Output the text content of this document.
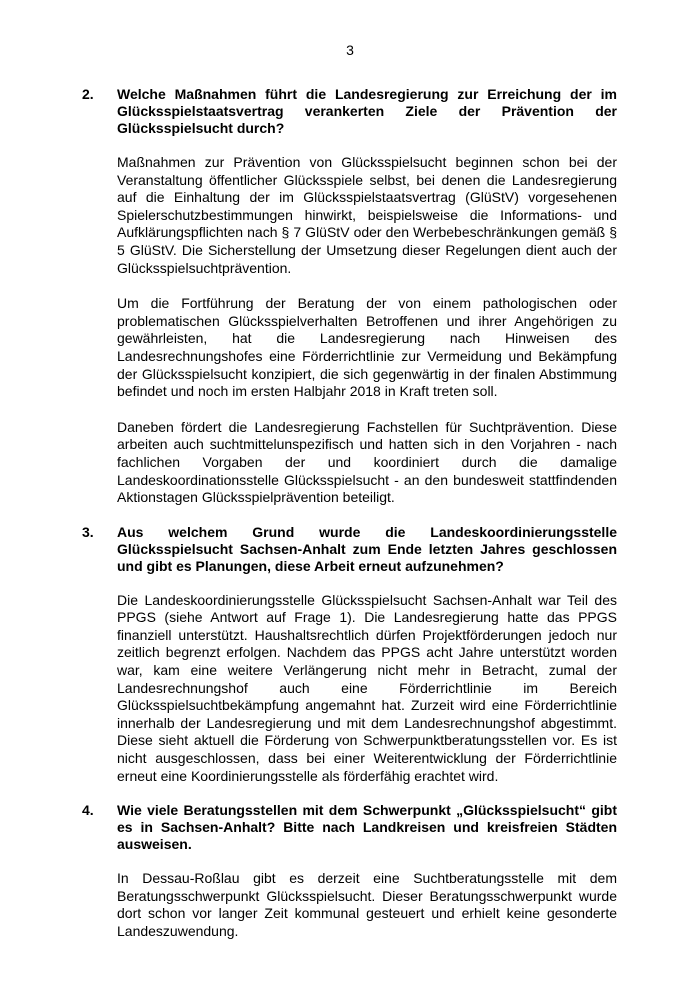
3
2.	Welche Maßnahmen führt die Landesregierung zur Erreichung der im Glücksspielstaatsvertrag verankerten Ziele der Prävention der Glücksspielsucht durch?

Maßnahmen zur Prävention von Glücksspielsucht beginnen schon bei der Veranstaltung öffentlicher Glücksspiele selbst, bei denen die Landesregierung auf die Einhaltung der im Glücksspielstaatsvertrag (GlüStV) vorgesehenen Spielerschutzbestimmungen hinwirkt, beispielsweise die Informations- und Aufklärungspflichten nach § 7 GlüStV oder den Werbebeschränkungen gemäß § 5 GlüStV. Die Sicherstellung der Umsetzung dieser Regelungen dient auch der Glücksspielsuchtprävention.

Um die Fortführung der Beratung der von einem pathologischen oder problematischen Glücksspielverhalten Betroffenen und ihrer Angehörigen zu gewährleisten, hat die Landesregierung nach Hinweisen des Landesrechnungshofes eine Förderrichtlinie zur Vermeidung und Bekämpfung der Glücksspielsucht konzipiert, die sich gegenwärtig in der finalen Abstimmung befindet und noch im ersten Halbjahr 2018 in Kraft treten soll.

Daneben fördert die Landesregierung Fachstellen für Suchtprävention. Diese arbeiten auch suchtmittelunspezifisch und hatten sich in den Vorjahren - nach fachlichen Vorgaben der und koordiniert durch die damalige Landeskoordinationsstelle Glücksspielsucht - an den bundesweit stattfindenden Aktionstagen Glücksspielprävention beteiligt.

3.	Aus welchem Grund wurde die Landeskoordinierungsstelle Glücksspielsucht Sachsen-Anhalt zum Ende letzten Jahres geschlossen und gibt es Planungen, diese Arbeit erneut aufzunehmen?

Die Landeskoordinierungsstelle Glücksspielsucht Sachsen-Anhalt war Teil des PPGS (siehe Antwort auf Frage 1). Die Landesregierung hatte das PPGS finanziell unterstützt. Haushaltsrechtlich dürfen Projektförderungen jedoch nur zeitlich begrenzt erfolgen. Nachdem das PPGS acht Jahre unterstützt worden war, kam eine weitere Verlängerung nicht mehr in Betracht, zumal der Landesrechnungshof auch eine Förderrichtlinie im Bereich Glücksspielsuchtbekämpfung angemahnt hat. Zurzeit wird eine Förderrichtlinie innerhalb der Landesregierung und mit dem Landesrechnungshof abgestimmt. Diese sieht aktuell die Förderung von Schwerpunktberatungsstellen vor. Es ist nicht ausgeschlossen, dass bei einer Weiterentwicklung der Förderrichtlinie erneut eine Koordinierungsstelle als förderfähig erachtet wird.

4.	Wie viele Beratungsstellen mit dem Schwerpunkt „Glücksspielsucht“ gibt es in Sachsen-Anhalt? Bitte nach Landkreisen und kreisfreien Städten ausweisen.

In Dessau-Roßlau gibt es derzeit eine Suchtberatungsstelle mit dem Beratungsschwerpunkt Glücksspielsucht. Dieser Beratungsschwerpunkt wurde dort schon vor langer Zeit kommunal gesteuert und erhielt keine gesonderte Landeszuwendung.
